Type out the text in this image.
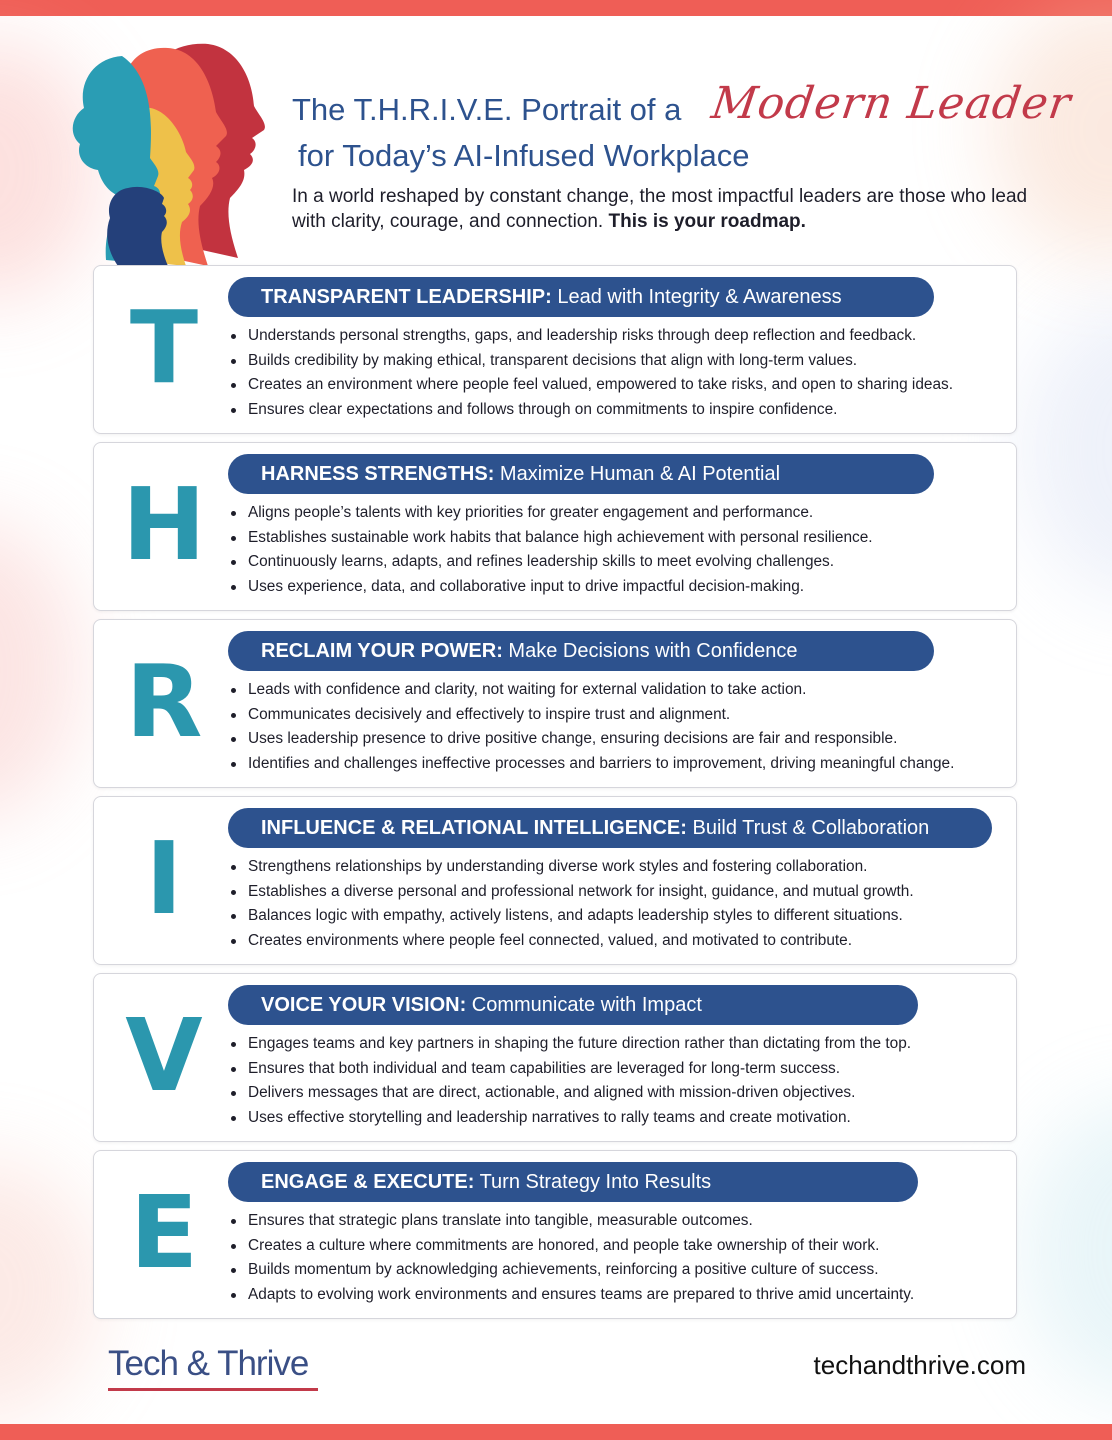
The T.H.R.I.V.E. Portrait of a Modern Leader
for Today’s AI-Infused Workplace
In a world reshaped by constant change, the most impactful leaders are those who lead with clarity, courage, and connection. This is your roadmap.
T	TRANSPARENT LEADERSHIP: Lead with Integrity & Awareness
Understands personal strengths, gaps, and leadership risks through deep reflection and feedback.
Builds credibility by making ethical, transparent decisions that align with long-term values.
Creates an environment where people feel valued, empowered to take risks, and open to sharing ideas.
Ensures clear expectations and follows through on commitments to inspire confidence.
H	HARNESS STRENGTHS: Maximize Human & AI Potential
Aligns people’s talents with key priorities for greater engagement and performance.
Establishes sustainable work habits that balance high achievement with personal resilience.
Continuously learns, adapts, and refines leadership skills to meet evolving challenges.
Uses experience, data, and collaborative input to drive impactful decision-making.
R	RECLAIM YOUR POWER: Make Decisions with Confidence
Leads with confidence and clarity, not waiting for external validation to take action.
Communicates decisively and effectively to inspire trust and alignment.
Uses leadership presence to drive positive change, ensuring decisions are fair and responsible.
Identifies and challenges ineffective processes and barriers to improvement, driving meaningful change.
I	INFLUENCE & RELATIONAL INTELLIGENCE: Build Trust & Collaboration
Strengthens relationships by understanding diverse work styles and fostering collaboration.
Establishes a diverse personal and professional network for insight, guidance, and mutual growth.
Balances logic with empathy, actively listens, and adapts leadership styles to different situations.
Creates environments where people feel connected, valued, and motivated to contribute.
V	VOICE YOUR VISION: Communicate with Impact
Engages teams and key partners in shaping the future direction rather than dictating from the top.
Ensures that both individual and team capabilities are leveraged for long-term success.
Delivers messages that are direct, actionable, and aligned with mission-driven objectives.
Uses effective storytelling and leadership narratives to rally teams and create motivation.
E	ENGAGE & EXECUTE: Turn Strategy Into Results
Ensures that strategic plans translate into tangible, measurable outcomes.
Creates a culture where commitments are honored, and people take ownership of their work.
Builds momentum by acknowledging achievements, reinforcing a positive culture of success.
Adapts to evolving work environments and ensures teams are prepared to thrive amid uncertainty.
Tech & Thrive	techandthrive.com
